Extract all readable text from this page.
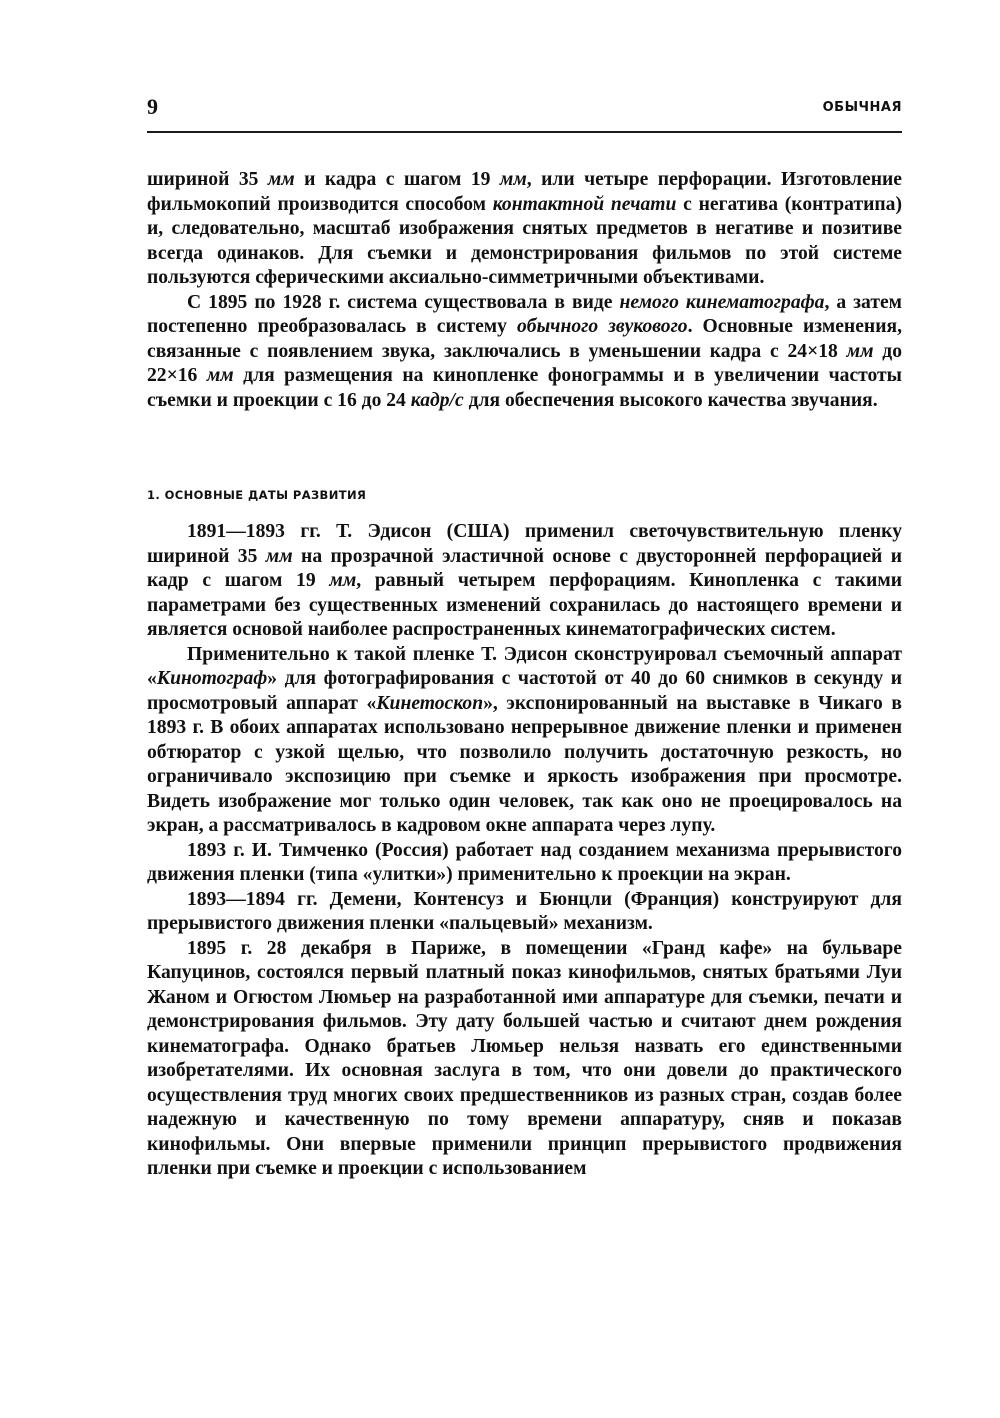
9	ОБЫЧНАЯ

шириной 35 мм и кадра с шагом 19 мм, или четыре перфорации. Изготовление фильмокопий производится способом контактной печати с негатива (контратипа) и, следовательно, масштаб изображения снятых предметов в негативе и позитиве всегда одинаков. Для съемки и демонстрирования фильмов по этой системе пользуются сферическими аксиально-симметричными объективами.

С 1895 по 1928 г. система существовала в виде немого кинематографа, а затем постепенно преобразовалась в систему обычного звукового. Основные изменения, связанные с появлением звука, заключались в уменьшении кадра с 24×18 мм до 22×16 мм для размещения на кинопленке фонограммы и в увеличении частоты съемки и проекции с 16 до 24 кадр/с для обеспечения высокого качества звучания.

1. ОСНОВНЫЕ ДАТЫ РАЗВИТИЯ

1891—1893 гг. Т. Эдисон (США) применил светочувствительную пленку шириной 35 мм на прозрачной эластичной основе с двусторонней перфорацией и кадр с шагом 19 мм, равный четырем перфорациям. Кинопленка с такими параметрами без существенных изменений сохранилась до настоящего времени и является основой наиболее распространенных кинематографических систем.

Применительно к такой пленке Т. Эдисон сконструировал съемочный аппарат «Кинотограф» для фотографирования с частотой от 40 до 60 снимков в секунду и просмотровый аппарат «Кинетоскоп», экспонированный на выставке в Чикаго в 1893 г. В обоих аппаратах использовано непрерывное движение пленки и применен обтюратор с узкой щелью, что позволило получить достаточную резкость, но ограничивало экспозицию при съемке и яркость изображения при просмотре. Видеть изображение мог только один человек, так как оно не проецировалось на экран, а рассматривалось в кадровом окне аппарата через лупу.

1893 г. И. Тимченко (Россия) работает над созданием механизма прерывистого движения пленки (типа «улитки») применительно к проекции на экран.

1893—1894 гг. Демени, Контенсуз и Бюнцли (Франция) конструируют для прерывистого движения пленки «пальцевый» механизм.

1895 г. 28 декабря в Париже, в помещении «Гранд кафе» на бульваре Капуцинов, состоялся первый платный показ кинофильмов, снятых братьями Луи Жаном и Огюстом Люмьер на разработанной ими аппаратуре для съемки, печати и демонстрирования фильмов. Эту дату большей частью и считают днем рождения кинематографа. Однако братьев Люмьер нельзя назвать его единственными изобретателями. Их основная заслуга в том, что они довели до практического осуществления труд многих своих предшественников из разных стран, создав более надежную и качественную по тому времени аппаратуру, сняв и показав кинофильмы. Они впервые применили принцип прерывистого продвижения пленки при съемке и проекции с использованием
